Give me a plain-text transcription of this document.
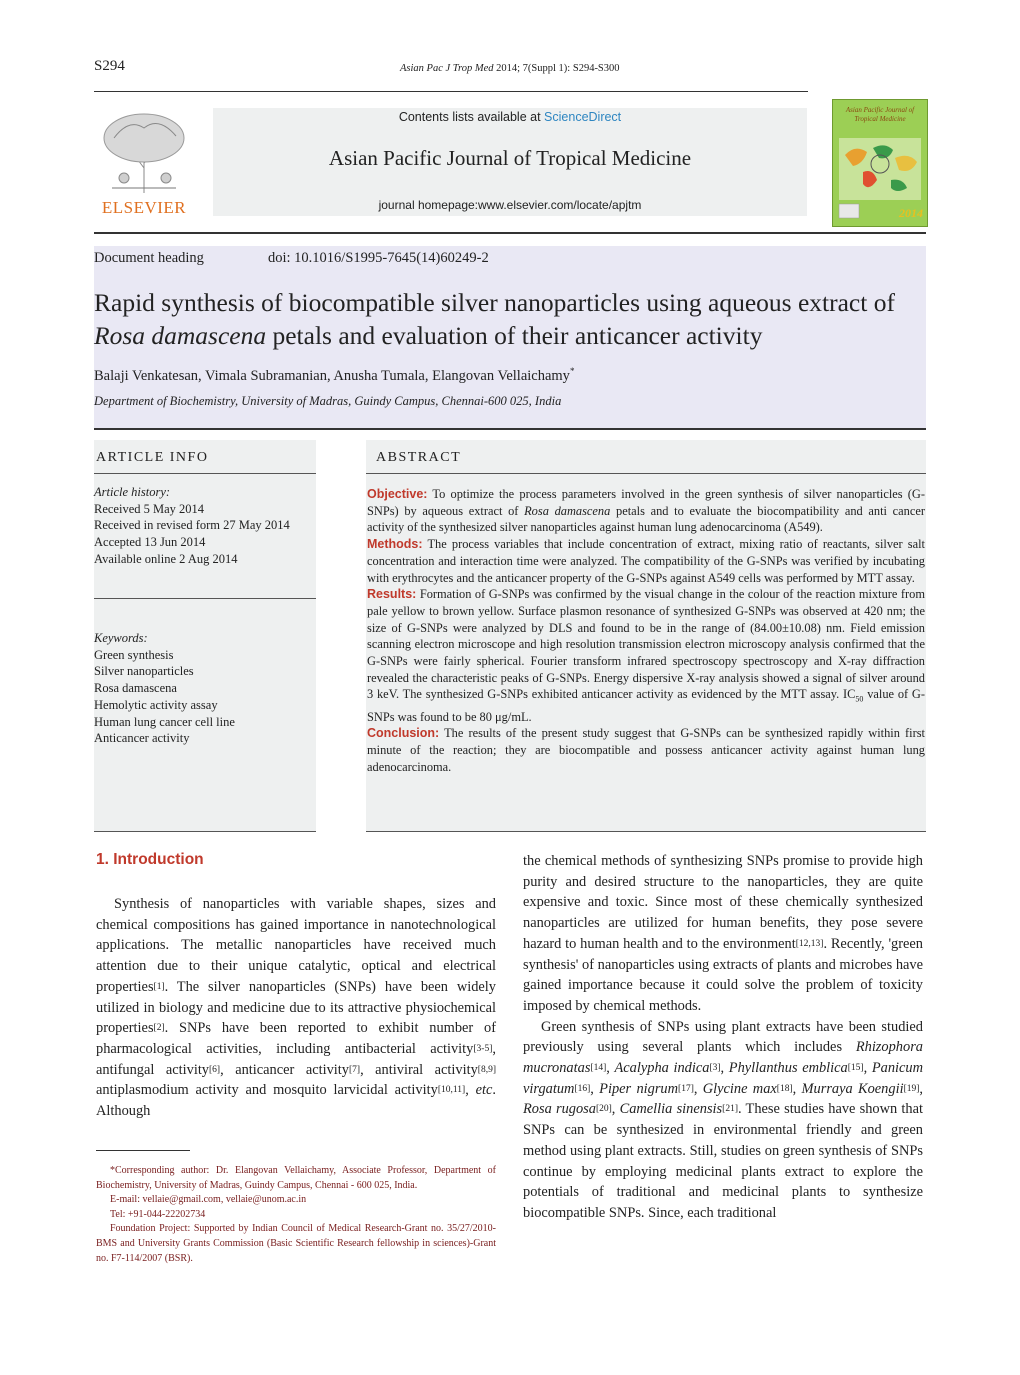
S294	Asian Pac J Trop Med 2014; 7(Suppl 1): S294-S300
ELSEVIER
Contents lists available at ScienceDirect
Asian Pacific Journal of Tropical Medicine
journal homepage:www.elsevier.com/locate/apjtm
Asian Pacific Journal of Tropical Medicine
2014
Document heading	doi: 10.1016/S1995-7645(14)60249-2
Rapid synthesis of biocompatible silver nanoparticles using aqueous extract of Rosa damascena petals and evaluation of their anticancer activity
Balaji Venkatesan, Vimala Subramanian, Anusha Tumala, Elangovan Vellaichamy*
Department of Biochemistry, University of Madras, Guindy Campus, Chennai-600 025, India
ARTICLE INFO
Article history:
Received 5 May 2014
Received in revised form 27 May 2014
Accepted 13 Jun 2014
Available online 2 Aug 2014
Keywords:
Green synthesis
Silver nanoparticles
Rosa damascena
Hemolytic activity assay
Human lung cancer cell line
Anticancer activity
ABSTRACT

Objective: To optimize the process parameters involved in the green synthesis of silver nanoparticles (G-SNPs) by aqueous extract of Rosa damascena petals and to evaluate the biocompatibility and anti cancer activity of the synthesized silver nanoparticles against human lung adenocarcinoma (A549).

Methods: The process variables that include concentration of extract, mixing ratio of reactants, silver salt concentration and interaction time were analyzed. The compatibility of the G-SNPs was verified by incubating with erythrocytes and the anticancer property of the G-SNPs against A549 cells was performed by MTT assay.

Results: Formation of G-SNPs was confirmed by the visual change in the colour of the reaction mixture from pale yellow to brown yellow. Surface plasmon resonance of synthesized G-SNPs was observed at 420 nm; the size of G-SNPs were analyzed by DLS and found to be in the range of (84.00±10.08) nm. Field emission scanning electron microscope and high resolution transmission electron microscopy analysis confirmed that the G-SNPs were fairly spherical. Fourier transform infrared spectroscopy spectroscopy and X-ray diffraction revealed the characteristic peaks of G-SNPs. Energy dispersive X-ray analysis showed a signal of silver around 3 keV. The synthesized G-SNPs exhibited anticancer activity as evidenced by the MTT assay. $IC_{50}$ value of G-SNPs was found to be 80 μg/mL.

Conclusion: The results of the present study suggest that G-SNPs can be synthesized rapidly within first minute of the reaction; they are biocompatible and possess anticancer activity against human lung adenocarcinoma.

1. Introduction

Synthesis of nanoparticles with variable shapes, sizes and chemical compositions has gained importance in nanotechnological applications. The metallic nanoparticles have received much attention due to their unique catalytic, optical and electrical properties[1]. The silver nanoparticles (SNPs) have been widely utilized in biology and medicine due to its attractive physiochemical properties[2]. SNPs have been reported to exhibit number of pharmacological activities, including antibacterial activity[3-5], antifungal activity[6], anticancer activity[7], antiviral activity[8,9] antiplasmodium activity and mosquito larvicidal activity[10,11], etc. Although

*Corresponding author: Dr. Elangovan Vellaichamy, Associate Professor, Department of Biochemistry, University of Madras, Guindy Campus, Chennai - 600 025, India.

E-mail: vellaie@gmail.com, vellaie@unom.ac.in

Tel: +91-044-22202734

Foundation Project: Supported by Indian Council of Medical Research-Grant no. 35/27/2010-BMS and University Grants Commission (Basic Scientific Research fellowship in sciences)-Grant no. F7-114/2007 (BSR).

the chemical methods of synthesizing SNPs promise to provide high purity and desired structure to the nanoparticles, they are quite expensive and toxic. Since most of these chemically synthesized nanoparticles are utilized for human benefits, they pose severe hazard to human health and to the environment[12,13]. Recently, 'green synthesis' of nanoparticles using extracts of plants and microbes have gained importance because it could solve the problem of toxicity imposed by chemical methods.

Green synthesis of SNPs using plant extracts have been studied previously using several plants which includes Rhizophora mucronatas[14], Acalypha indica[3], Phyllanthus emblica[15], Panicum virgatum[16], Piper nigrum[17], Glycine max[18], Murraya Koengii[19], Rosa rugosa[20], Camellia sinensis[21]. These studies have shown that SNPs can be synthesized in environmental friendly and green method using plant extracts. Still, studies on green synthesis of SNPs continue by employing medicinal plants extract to explore the potentials of traditional and medicinal plants to synthesize biocompatible SNPs. Since, each traditional
